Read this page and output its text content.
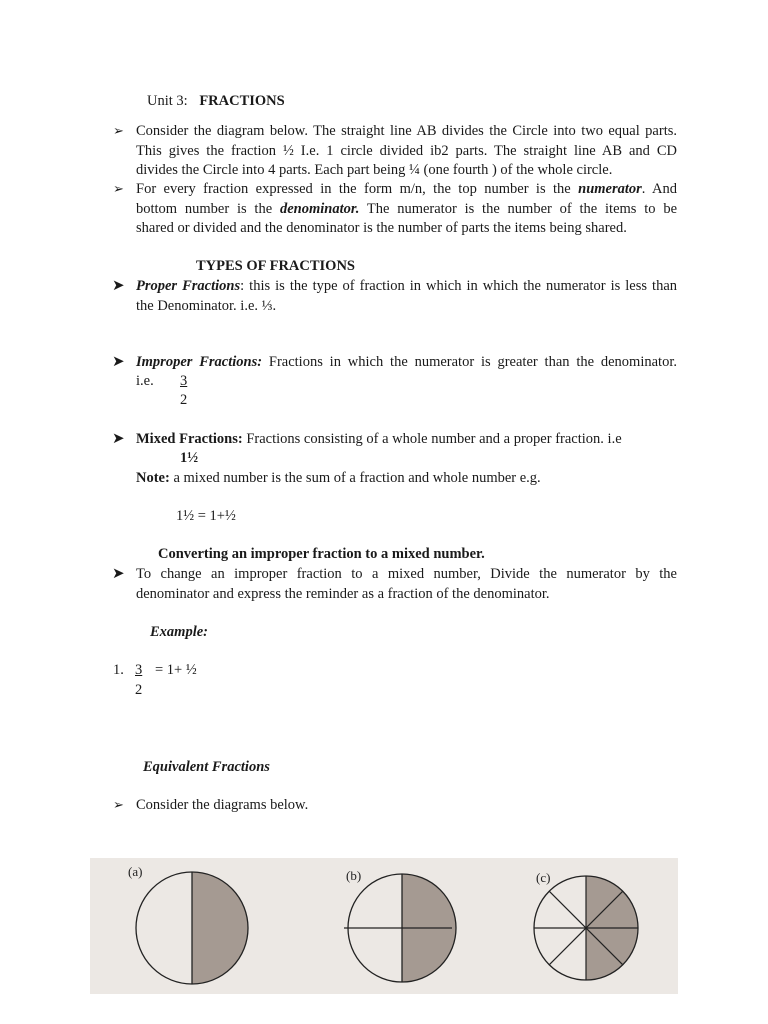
Unit 3: FRACTIONS
➢ Consider the diagram below. The straight line AB divides the Circle into two equal parts.
This gives the fraction ½ I.e. 1 circle divided ib2 parts. The straight line AB and CD
divides the Circle into 4 parts. Each part being ¼ (one fourth ) of the whole circle.
➢ For every fraction expressed in the form m/n, the top number is the numerator. And
bottom number is the denominator. The numerator is the number of the items to be
shared or divided and the denominator is the number of parts the items being shared.
TYPES OF FRACTIONS
➤ Proper Fractions: this is the type of fraction in which in which the numerator is less than
the Denominator. i.e. ⅓.
➤ Improper Fractions: Fractions in which the numerator is greater than the denominator.
i.e. 3
2
➤ Mixed Fractions: Fractions consisting of a whole number and a proper fraction. i.e
1½
Note: a mixed number is the sum of a fraction and whole number e.g.
1½ = 1+½
Converting an improper fraction to a mixed number.
➤ To change an improper fraction to a mixed number, Divide the numerator by the
denominator and express the reminder as a fraction of the denominator.
Example:
1. 3 = 1+ ½
2
Equivalent Fractions
➢ Consider the diagrams below.
(a)	(b)	(c)
